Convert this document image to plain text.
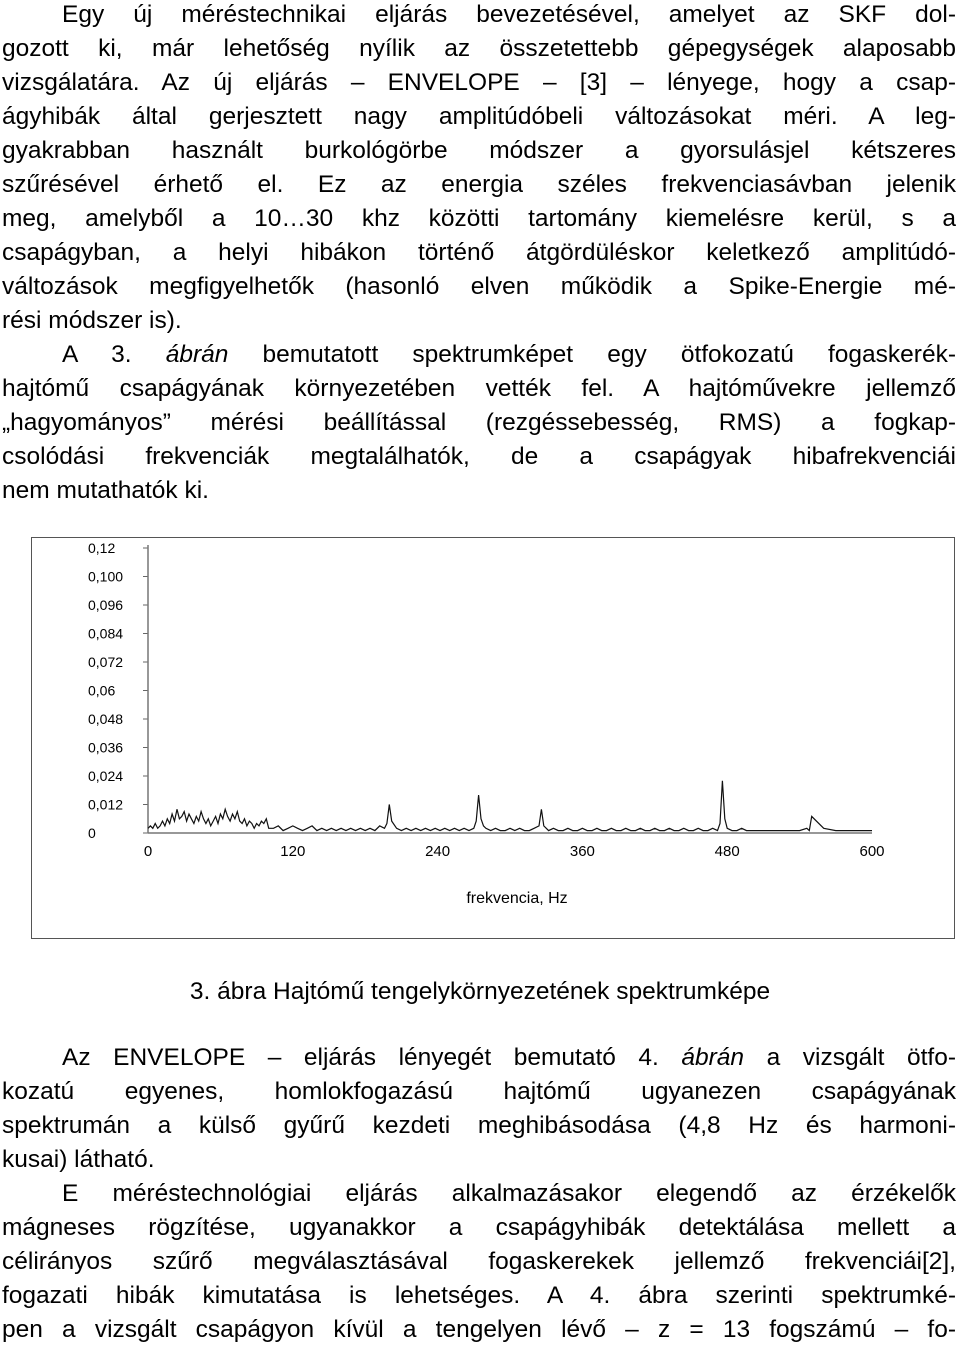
Egy új méréstechnikai eljárás bevezetésével, amelyet az SKF dol-
gozott ki, már lehetőség nyílik az összetettebb gépegységek alaposabb
vizsgálatára. Az új eljárás – ENVELOPE – [3] – lényege, hogy a csap-
ágyhibák által gerjesztett nagy amplitúdóbeli változásokat méri. A leg-
gyakrabban használt burkológörbe módszer a gyorsulásjel kétszeres
szűrésével érhető el. Ez az energia széles frekvenciasávban jelenik
meg, amelyből a 10…30 khz közötti tartomány kiemelésre kerül, s a
csapágyban, a helyi hibákon történő átgördüléskor keletkező amplitúdó-
változások megfigyelhetők (hasonló elven működik a Spike-Energie mé-
rési módszer is).
A 3. ábrán bemutatott spektrumképet egy ötfokozatú fogaskerék-
hajtómű csapágyának környezetében vették fel. A hajtóművekre jellemző
„hagyományos” mérési beállítással (rezgéssebesség, RMS) a fogkap-
csolódási frekvenciák megtalálhatók, de a csapágyak hibafrekvenciái
nem mutathatók ki.
0
0,012
0,024
0,036
0,048
0,06
0,072
0,084
0,096
0,100
0,12
0	120	240	360	480	600
frekvencia, Hz
3. ábra Hajtómű tengelykörnyezetének spektrumképe
Az ENVELOPE – eljárás lényegét bemutató 4. ábrán a vizsgált ötfo-
kozatú egyenes, homlokfogazású hajtómű ugyanezen csapágyának
spektrumán a külső gyűrű kezdeti meghibásodása (4,8 Hz és harmoni-
kusai) látható.
E méréstechnológiai eljárás alkalmazásakor elegendő az érzékelők
mágneses rögzítése, ugyanakkor a csapágyhibák detektálása mellett a
célirányos szűrő megválasztásával fogaskerekek jellemző frekvenciái[2],
fogazati hibák kimutatása is lehetséges. A 4. ábra szerinti spektrumké-
pen a vizsgált csapágyon kívül a tengelyen lévő – z = 13 fogszámú – fo-
